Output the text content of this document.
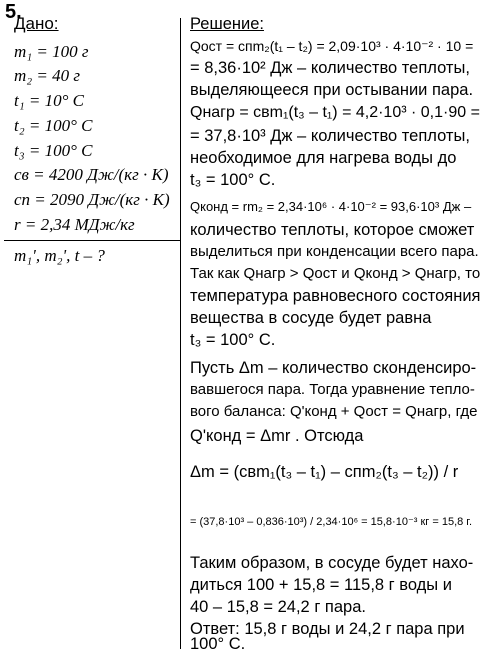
5.
Дано:
m₁ = 100 г
m₂ = 40 г
t₁ = 10° C
t₂ = 100° C
t₃ = 100° C
cв = 4200 Дж/(кг · K)
cп = 2090 Дж/(кг · K)
r = 2,34 МДж/кг
m₁', m₂', t – ?
Решение:
Qост = cпm₂(t₁ – t₂) = 2,09·10³ · 4·10⁻² · 10 =
= 8,36·10² Дж – количество теплоты,
выделяющееся при остывании пара.
Qнагр = cвm₁(t₃ – t₁) = 4,2·10³ · 0,1·90 =
= 37,8·10³ Дж – количество теплоты,
необходимое для нагрева воды до
t₃ = 100° C.
Qконд = rm₂ = 2,34·10⁶ · 4·10⁻² = 93,6·10³ Дж –
количество теплоты, которое сможет
выделиться при конденсации всего пара.
Так как Qнагр > Qост и Qконд > Qнагр, то
температура равновесного состояния
вещества в сосуде будет равна
t₃ = 100° C.
Пусть Δm – количество сконденсиро-
вавшегося пара. Тогда уравнение тепло-
вого баланса: Q'конд + Qост = Qнагр, где
Q'конд = Δmr . Отсюда
Δm = (cвm₁(t₃ – t₁) – cпm₂(t₃ – t₂)) / r
= (37,8·10³ – 0,836·10³) / 2,34·10⁶ = 15,8·10⁻³ кг = 15,8 г.
Таким образом, в сосуде будет нахо-
диться 100 + 15,8 = 115,8 г воды и
40 – 15,8 = 24,2 г пара.
Ответ: 15,8 г воды и 24,2 г пара при
100° C.
